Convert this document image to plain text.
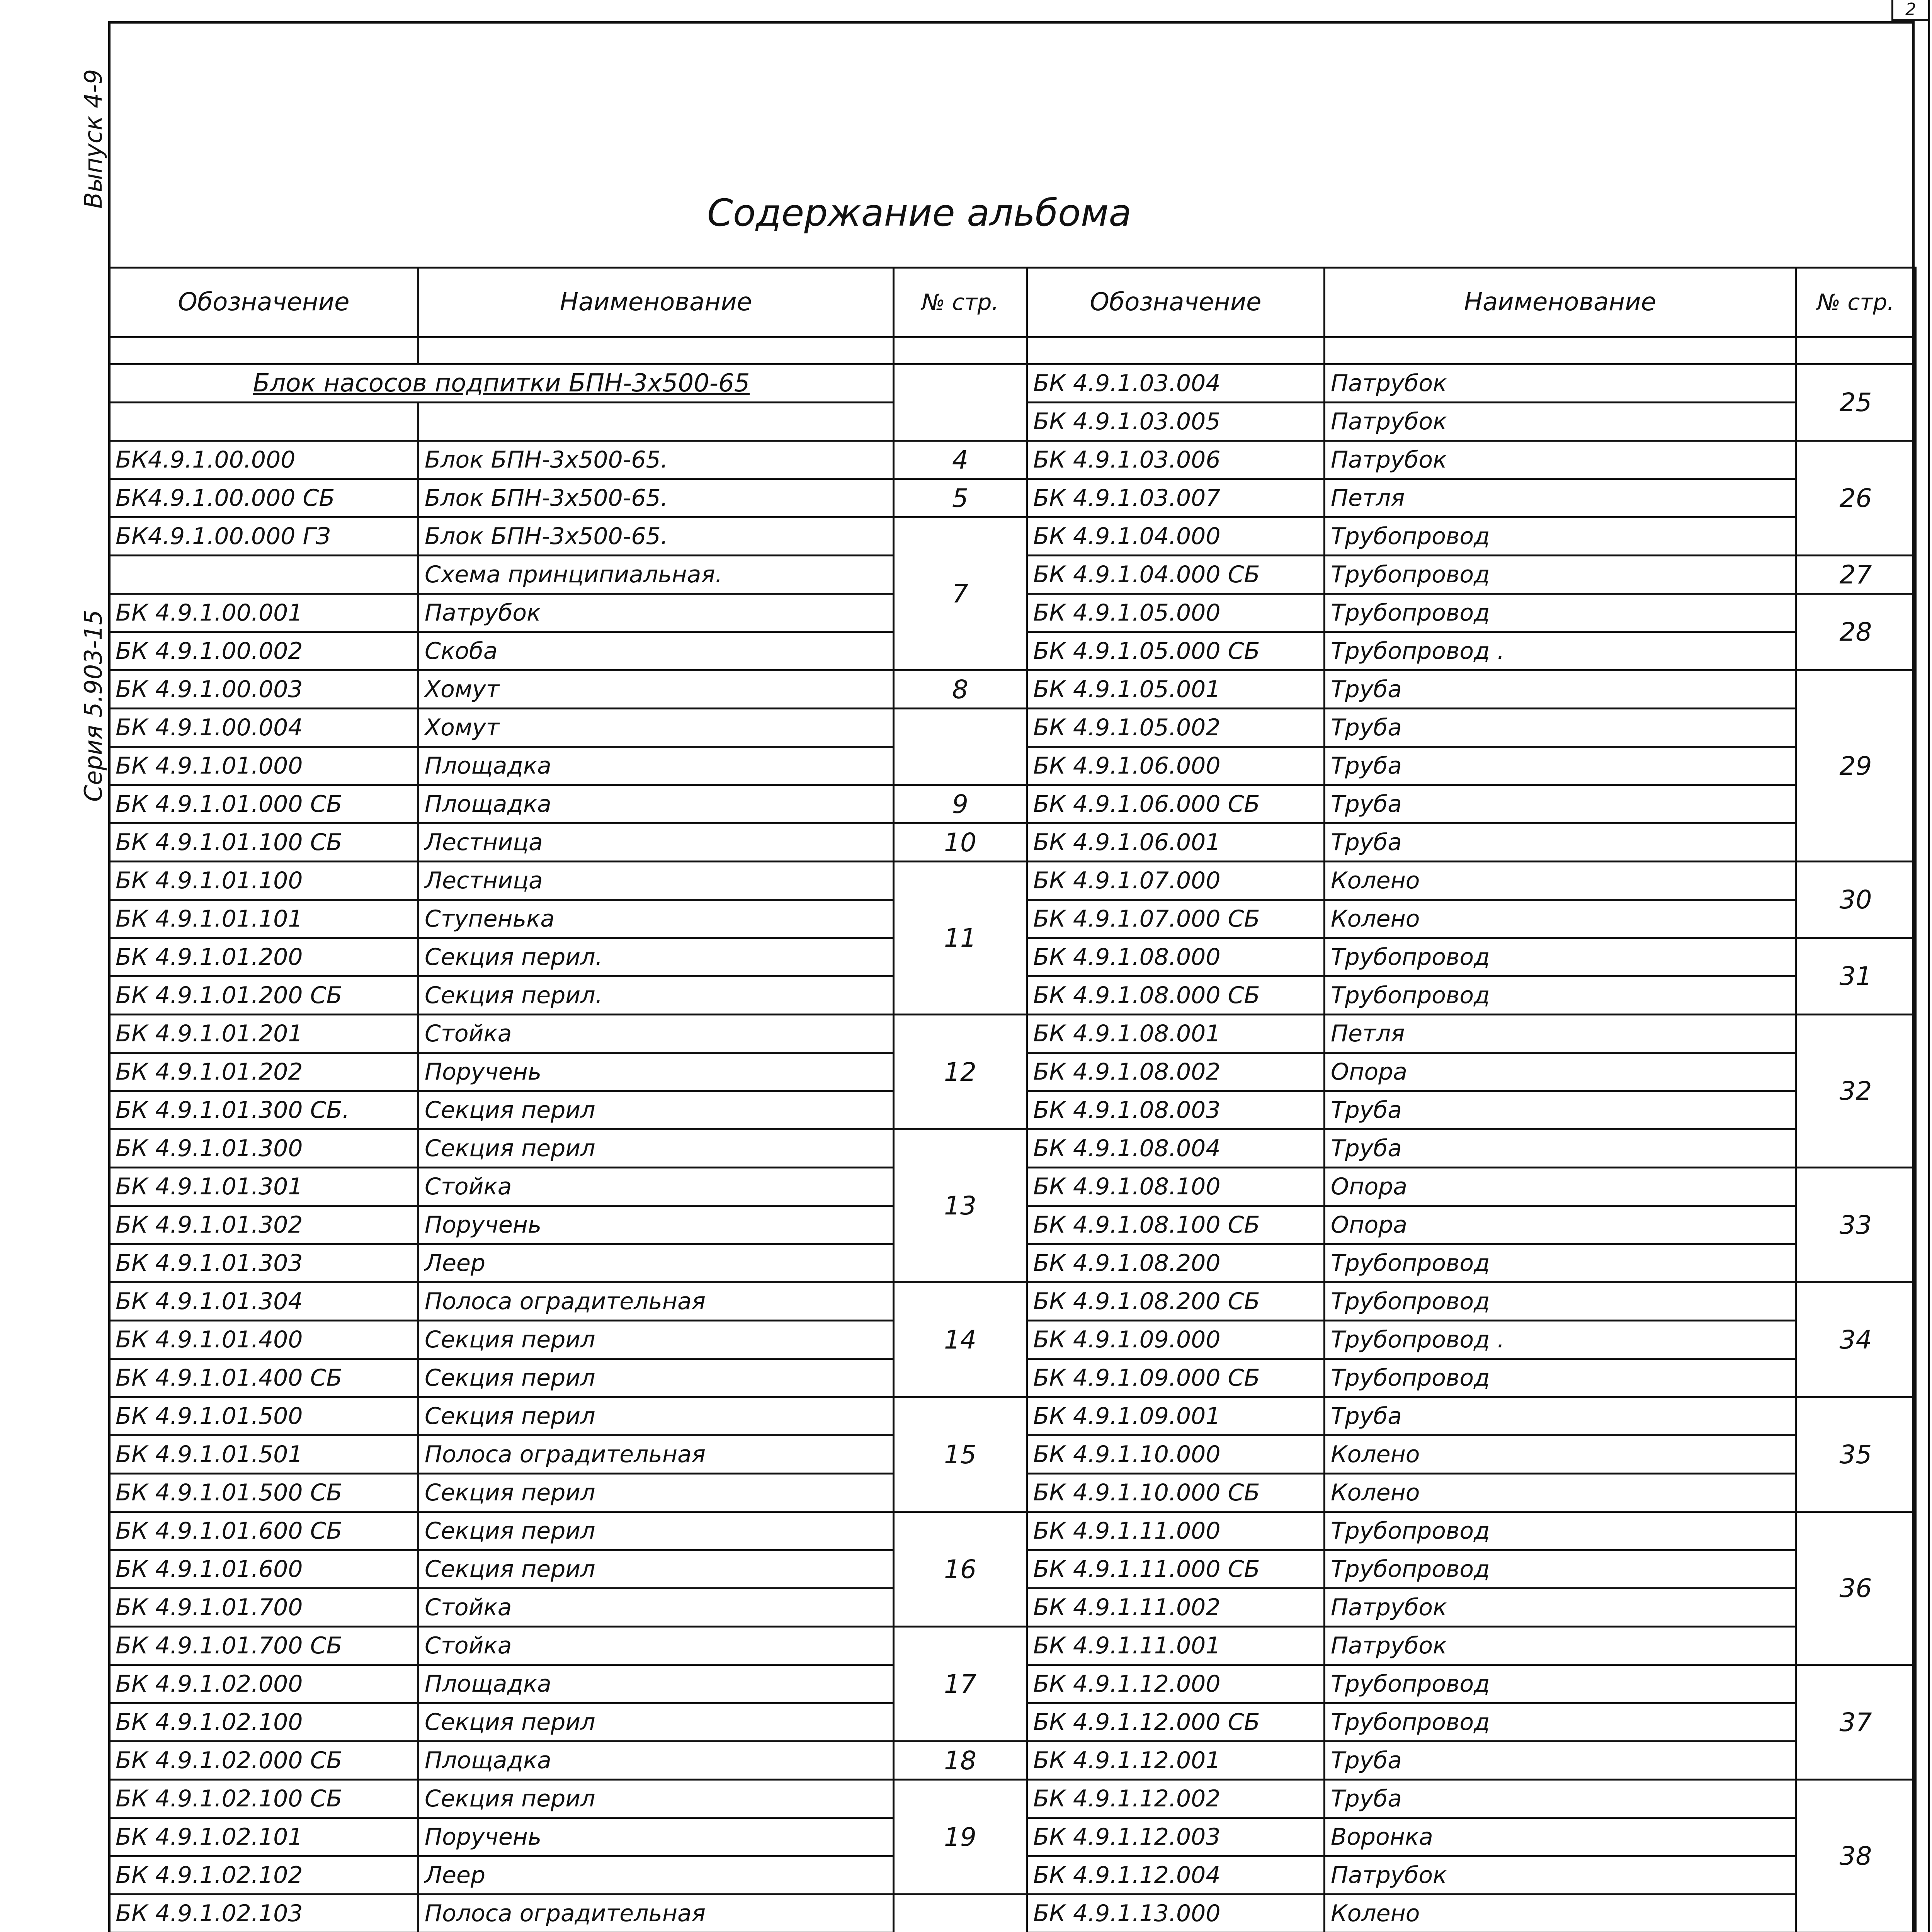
2
Выпуск 4-9
Серия 5.903-15
Содержание альбома
Обозначение	Наименование	№ стр.	Обозначение	Наименование	№ стр.

Блок насосов подпитки БПН-3х500-65			БК 4.9.1.03.004	Патрубок	25
			БК 4.9.1.03.005	Патрубок	
БК4.9.1.00.000	Блок БПН-3х500-65.	4	БК 4.9.1.03.006	Патрубок	26
БК4.9.1.00.000 СБ	Блок БПН-3х500-65.	5	БК 4.9.1.03.007	Петля	
БК4.9.1.00.000 ГЗ	Блок БПН-3х500-65.	7	БК 4.9.1.04.000	Трубопровод	
	Схема принципиальная.		БК 4.9.1.04.000 СБ	Трубопровод	27
БК 4.9.1.00.001	Патрубок		БК 4.9.1.05.000	Трубопровод	28
БК 4.9.1.00.002	Скоба		БК 4.9.1.05.000 СБ	Трубопровод .	
БК 4.9.1.00.003	Хомут	8	БК 4.9.1.05.001	Труба	29
БК 4.9.1.00.004	Хомут		БК 4.9.1.05.002	Труба	
БК 4.9.1.01.000	Площадка		БК 4.9.1.06.000	Труба	
БК 4.9.1.01.000 СБ	Площадка	9	БК 4.9.1.06.000 СБ	Труба	
БК 4.9.1.01.100 СБ	Лестница	10	БК 4.9.1.06.001	Труба	
БК 4.9.1.01.100	Лестница	11	БК 4.9.1.07.000	Колено	30
БК 4.9.1.01.101	Ступенька		БК 4.9.1.07.000 СБ	Колено	
БК 4.9.1.01.200	Секция перил.		БК 4.9.1.08.000	Трубопровод	31
БК 4.9.1.01.200 СБ	Секция перил.		БК 4.9.1.08.000 СБ	Трубопровод	
БК 4.9.1.01.201	Стойка	12	БК 4.9.1.08.001	Петля	32
БК 4.9.1.01.202	Поручень		БК 4.9.1.08.002	Опора	
БК 4.9.1.01.300 СБ.	Секция перил		БК 4.9.1.08.003	Труба	
БК 4.9.1.01.300	Секция перил	13	БК 4.9.1.08.004	Труба	
БК 4.9.1.01.301	Стойка		БК 4.9.1.08.100	Опора	33
БК 4.9.1.01.302	Поручень		БК 4.9.1.08.100 СБ	Опора	
БК 4.9.1.01.303	Леер		БК 4.9.1.08.200	Трубопровод	
БК 4.9.1.01.304	Полоса оградительная	14	БК 4.9.1.08.200 СБ	Трубопровод	34
БК 4.9.1.01.400	Секция перил		БК 4.9.1.09.000	Трубопровод .	
БК 4.9.1.01.400 СБ	Секция перил		БК 4.9.1.09.000 СБ	Трубопровод	
БК 4.9.1.01.500	Секция перил	15	БК 4.9.1.09.001	Труба	35
БК 4.9.1.01.501	Полоса оградительная		БК 4.9.1.10.000	Колено	
БК 4.9.1.01.500 СБ	Секция перил		БК 4.9.1.10.000 СБ	Колено	
БК 4.9.1.01.600 СБ	Секция перил	16	БК 4.9.1.11.000	Трубопровод	36
БК 4.9.1.01.600	Секция перил		БК 4.9.1.11.000 СБ	Трубопровод	
БК 4.9.1.01.700	Стойка		БК 4.9.1.11.002	Патрубок	
БК 4.9.1.01.700 СБ	Стойка	17	БК 4.9.1.11.001	Патрубок	
БК 4.9.1.02.000	Площадка		БК 4.9.1.12.000	Трубопровод	37
БК 4.9.1.02.100	Секция перил		БК 4.9.1.12.000 СБ	Трубопровод	
БК 4.9.1.02.000 СБ	Площадка	18	БК 4.9.1.12.001	Труба	
БК 4.9.1.02.100 СБ	Секция перил	19	БК 4.9.1.12.002	Труба	38
БК 4.9.1.02.101	Поручень		БК 4.9.1.12.003	Воронка	
БК 4.9.1.02.102	Леер		БК 4.9.1.12.004	Патрубок	
БК 4.9.1.02.103	Полоса оградительная		БК 4.9.1.13.000	Колено	
